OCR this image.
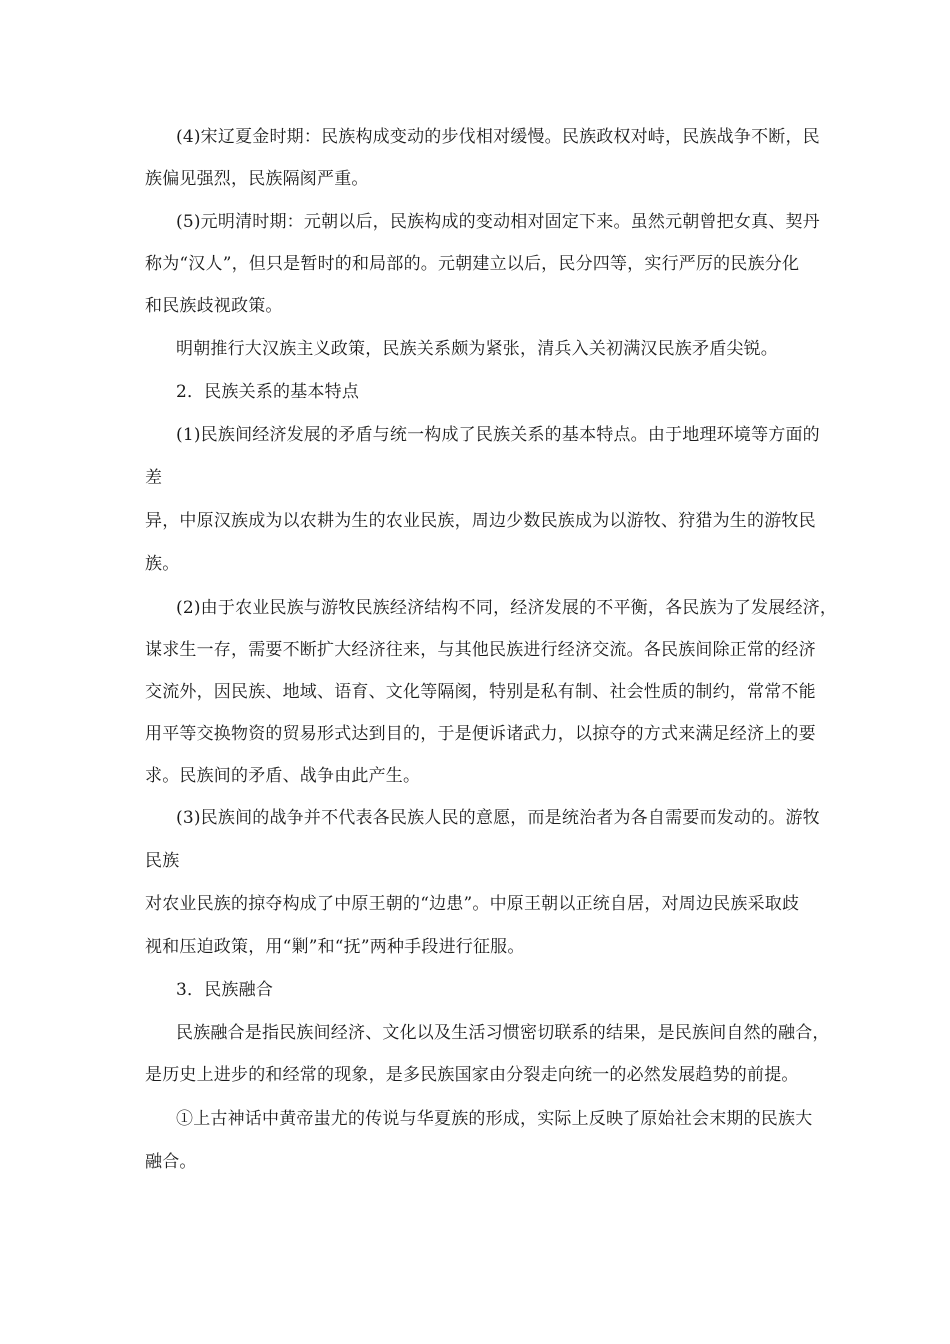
(4)宋辽夏金时期：民族构成变动的步伐相对缓慢。民族政权对峙，民族战争不断，民
族偏见强烈，民族隔阂严重。
(5)元明清时期：元朝以后，民族构成的变动相对固定下来。虽然元朝曾把女真、契丹
称为“汉人”，但只是暂时的和局部的。元朝建立以后，民分四等，实行严厉的民族分化
和民族歧视政策。
明朝推行大汉族主义政策，民族关系颇为紧张，清兵入关初满汉民族矛盾尖锐。
2．民族关系的基本特点
(1)民族间经济发展的矛盾与统一构成了民族关系的基本特点。由于地理环境等方面的
差
异，中原汉族成为以农耕为生的农业民族，周边少数民族成为以游牧、狩猎为生的游牧民
族。
(2)由于农业民族与游牧民族经济结构不同，经济发展的不平衡，各民族为了发展经济，
谋求生一存，需要不断扩大经济往来，与其他民族进行经济交流。各民族间除正常的经济
交流外，因民族、地域、语育、文化等隔阂，特别是私有制、社会性质的制约，常常不能
用平等交换物资的贸易形式达到目的，于是便诉诸武力，以掠夺的方式来满足经济上的要
求。民族间的矛盾、战争由此产生。
(3)民族间的战争并不代表各民族人民的意愿，而是统治者为各自需要而发动的。游牧
民族
对农业民族的掠夺构成了中原王朝的“边患”。中原王朝以正统自居，对周边民族采取歧
视和压迫政策，用“剿”和“抚”两种手段进行征服。
3．民族融合
民族融合是指民族间经济、文化以及生活习惯密切联系的结果，是民族间自然的融合，
是历史上进步的和经常的现象，是多民族国家由分裂走向统一的必然发展趋势的前提。
①上古神话中黄帝蚩尤的传说与华夏族的形成，实际上反映了原始社会末期的民族大
融合。
